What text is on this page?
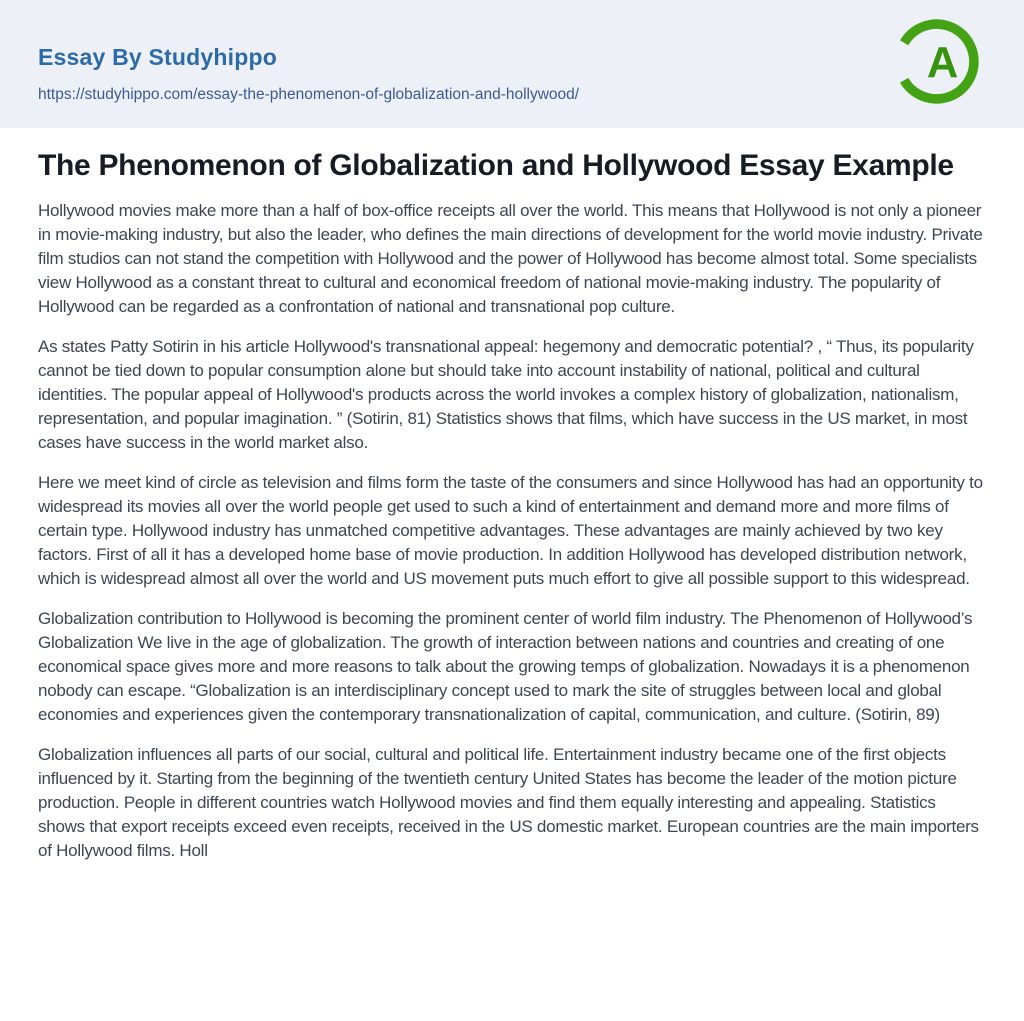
Essay By Studyhippo
https://studyhippo.com/essay-the-phenomenon-of-globalization-and-hollywood/
A
The Phenomenon of Globalization and Hollywood Essay Example

Hollywood movies make more than a half of box-office receipts all over the world. This means that Hollywood is not only a pioneer in movie-making industry, but also the leader, who defines the main directions of development for the world movie industry. Private film studios can not stand the competition with Hollywood and the power of Hollywood has become almost total. Some specialists view Hollywood as a constant threat to cultural and economical freedom of national movie-making industry. The popularity of Hollywood can be regarded as a confrontation of national and transnational pop culture.

As states Patty Sotirin in his article Hollywood's transnational appeal: hegemony and democratic potential? , “ Thus, its popularity cannot be tied down to popular consumption alone but should take into account instability of national, political and cultural identities. The popular appeal of Hollywood's products across the world invokes a complex history of globalization, nationalism, representation, and popular imagination. ” (Sotirin, 81) Statistics shows that films, which have success in the US market, in most cases have success in the world market also.

Here we meet kind of circle as television and films form the taste of the consumers and since Hollywood has had an opportunity to widespread its movies all over the world people get used to such a kind of entertainment and demand more and more films of certain type. Hollywood industry has unmatched competitive advantages. These advantages are mainly achieved by two key factors. First of all it has a developed home base of movie production. In addition Hollywood has developed distribution network, which is widespread almost all over the world and US movement puts much effort to give all possible support to this widespread.

Globalization contribution to Hollywood is becoming the prominent center of world film industry. The Phenomenon of Hollywood’s Globalization We live in the age of globalization. The growth of interaction between nations and countries and creating of one economical space gives more and more reasons to talk about the growing temps of globalization. Nowadays it is a phenomenon nobody can escape. “Globalization is an interdisciplinary concept used to mark the site of struggles between local and global economies and experiences given the contemporary transnationalization of capital, communication, and culture. (Sotirin, 89)

Globalization influences all parts of our social, cultural and political life. Entertainment industry became one of the first objects influenced by it. Starting from the beginning of the twentieth century United States has become the leader of the motion picture production. People in different countries watch Hollywood movies and find them equally interesting and appealing. Statistics shows that export receipts exceed even receipts, received in the US domestic market. European countries are the main importers of Hollywood films. Holl
